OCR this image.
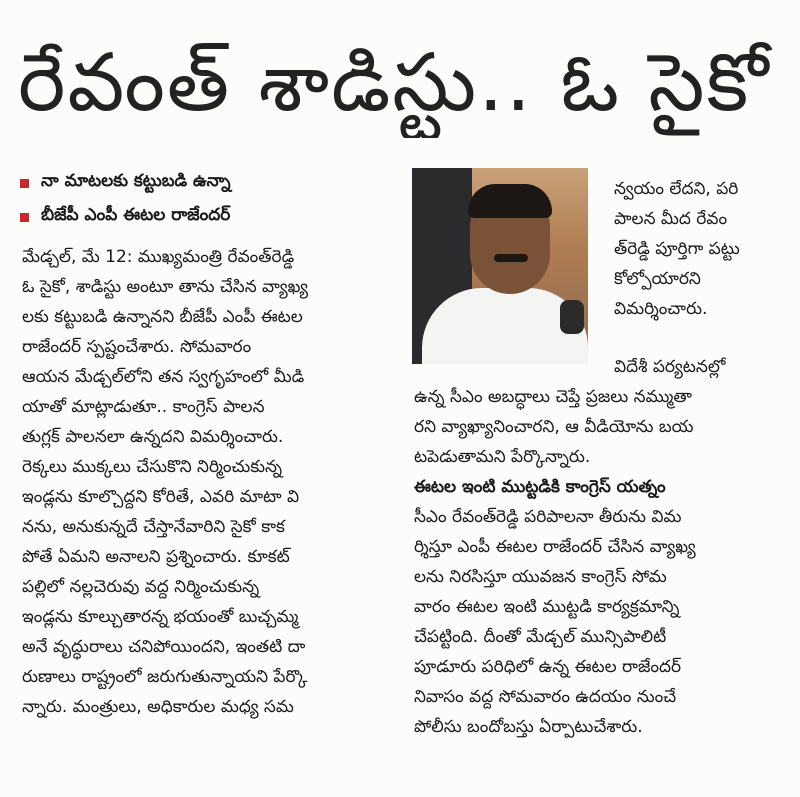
రేవంత్ శాడిస్టు.. ఓ సైకో
నా మాటలకు కట్టుబడి ఉన్నా
బీజేపీ ఎంపీ ఈటల రాజేందర్

మేడ్చల్, మే 12: ముఖ్యమంత్రి రేవంత్‌రెడ్డి

ఓ సైకో, శాడిస్టు అంటూ తాను చేసిన వ్యాఖ్య

లకు కట్టుబడి ఉన్నానని బీజేపీ ఎంపీ ఈటల

రాజేందర్ స్పష్టంచేశారు. సోమవారం

ఆయన మేడ్చల్‌లోని తన స్వగృహంలో మీడి

యాతో మాట్లాడుతూ.. కాంగ్రెస్ పాలన

తుగ్లక్ పాలనలా ఉన్నదని విమర్శించారు.

రెక్కలు ముక్కలు చేసుకొని నిర్మించుకున్న

ఇండ్లను కూల్చొద్దని కోరితే, ఎవరి మాటా వి

నను, అనుకున్నదే చేస్తానేవారిని సైకో కాక

పోతే ఏమని అనాలని ప్రశ్నించారు. కూకట్

పల్లిలో నల్లచెరువు వద్ద నిర్మించుకున్న

ఇండ్లను కూల్చుతారన్న భయంతో బుచ్చమ్మ

అనే వృద్ధురాలు చనిపోయిందని, ఇంతటి దా

రుణాలు రాష్ట్రంలో జరుగుతున్నాయని పేర్కొ

న్నారు. మంత్రులు, అధికారుల మధ్య సమ

న్వయం లేదని, పరి

పాలన మీద రేవం

త్‌రెడ్డి పూర్తిగా పట్టు

కోల్పోయారని

విమర్శించారు.

విదేశీ పర్యటనల్లో

ఉన్న సీఎం అబద్ధాలు చెప్తే ప్రజలు నమ్ముతా

రని వ్యాఖ్యానించారని, ఆ వీడియోను బయ

టపెడుతామని పేర్కొన్నారు.

ఈటల ఇంటి ముట్టడికి కాంగ్రెస్ యత్నం

సీఎం రేవంత్‌రెడ్డి పరిపాలనా తీరును విమ

ర్శిస్తూ ఎంపీ ఈటల రాజేందర్ చేసిన వ్యాఖ్య

లను నిరసిస్తూ యువజన కాంగ్రెస్ సోమ

వారం ఈటల ఇంటి ముట్టడి కార్యక్రమాన్ని

చేపట్టింది. దీంతో మేడ్చల్ మున్సిపాలిటీ

పూడూరు పరిధిలో ఉన్న ఈటల రాజేందర్

నివాసం వద్ద సోమవారం ఉదయం నుంచే

పోలీసు బందోబస్తు ఏర్పాటుచేశారు.
